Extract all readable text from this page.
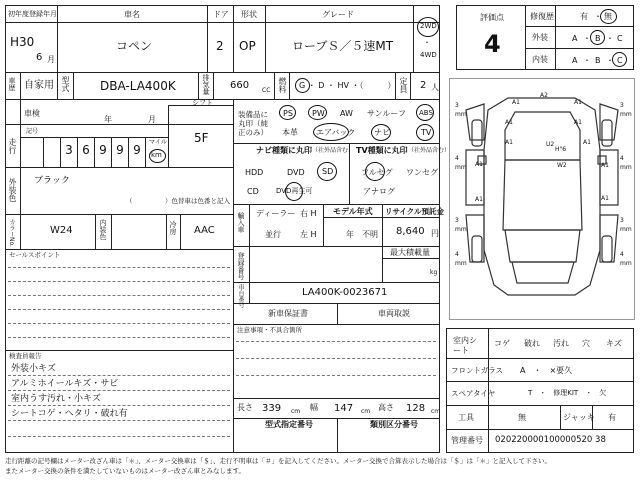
初年度登録年月	車名	ドア 形状	グレード
H30
6 月
コペン	2 OP	ローブＳ／５速MT
2WD
・
4WD
車歴 自家用 型式	DBA-LA400K	排気量 660 CC 燃料 G ・ D ・ HV ・（　　　） 定員 2 人
車検
年	月
シフト
5F
走行
記号
3 6 9 9 9
マイル
km
外装色 ブラック
（　　　　　）色替車は色番と記入
カラーNo.	W24	内装色	冷房 AAC
セールスポイント
検査員報告
外装小キズ
アルミホイールキズ・サビ
室内うす汚れ・小キズ
シートコゲ・ヘタリ・破れ有
装備品に丸印（純正のみ）
PS PW AW サンルーフ ABS
本革 エアバック ナビ	TV
ナビ種類に丸印 （社外品含む）
HDD	DVD SD
CD DVD再生可
TV種類に丸印 （社外品含む）
フルセグ ワンセグ
アナログ
輸入車 ディーラー
並行
右 H
左 H
モデル年式
年　不明
リサイクル預託金
8,640 円
登録番号	最大積載量
kg
車台番号	LA400K-0023671
新車保証書	車両取説
注意事項・不具合箇所
長さ 339 cm 幅 147 cm 高さ 128 cm
型式指定番号	類別区分番号
評価点
4
修復歴	有 ・ 無
外装	A ・ B ・ C
内装	A ・ B ・ C
A1
A2
A1
A1	A1
A1	A1
A1	W2
A1
A1
A1
U2
H"6
3
mm
4
mm
3
mm
4
mm
3
mm
4
mm
3
mm
4
mm
室内シート
コゲ 破れ 汚れ 穴 キズ
フロントガラス A　・　×要久
スペアタイヤ	T　・　修理KIT　・　欠
工具	無	ジャッキ 有
管理番号 020220000100000520 38
走行距離の記号欄はメーター改ざん車は「＊」、メーター交換車は「＄」、走行不明車は「＃」を記入してください。メーター交換で合算表示した場合は「＄」は「＊」と記入して下さい。
またメーター交換の条件を満たしていないものはメーター改ざん車とみなします。
